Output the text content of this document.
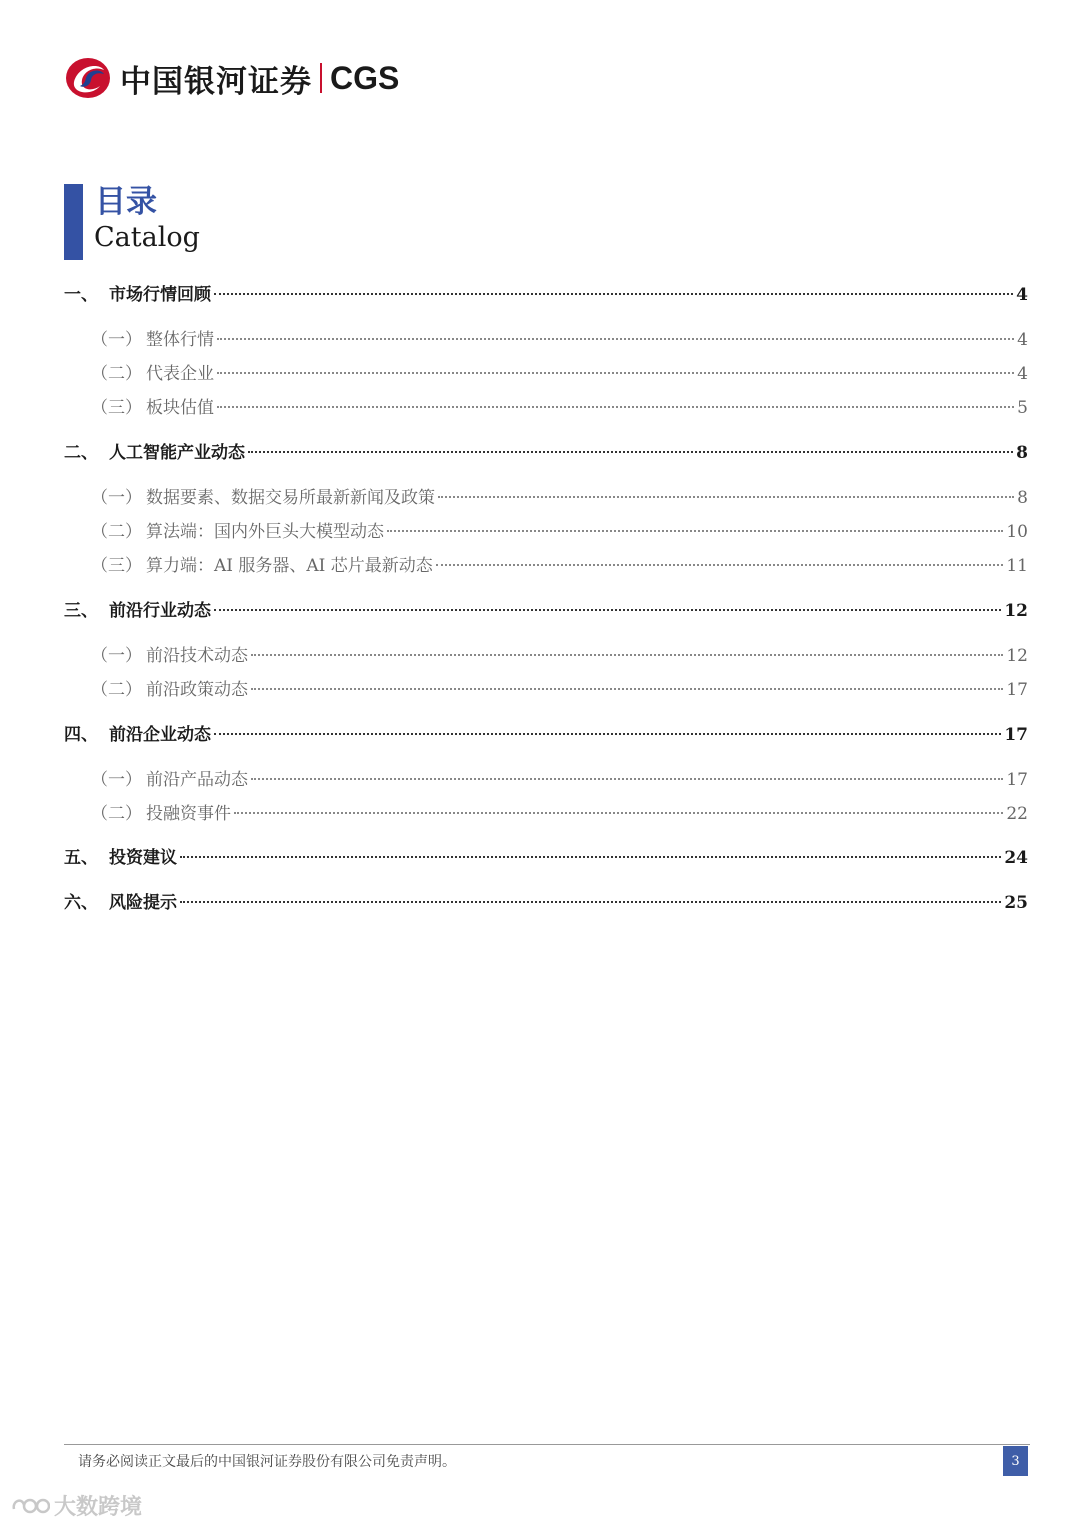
中国银河证券 CGS
目录
Catalog
一、 市场行情回顾	4
（一） 整体行情	4
（二） 代表企业	4
（三） 板块估值	5
二、 人工智能产业动态	8
（一） 数据要素、数据交易所最新新闻及政策	8
（二） 算法端：国内外巨头大模型动态	10
（三） 算力端：AI 服务器、AI 芯片最新动态	11
三、 前沿行业动态	12
（一） 前沿技术动态	12
（二） 前沿政策动态	17
四、 前沿企业动态	17
（一） 前沿产品动态	17
（二） 投融资事件	22
五、 投资建议	24
六、 风险提示	25
请务必阅读正文最后的中国银河证券股份有限公司免责声明。	3
大数跨境
